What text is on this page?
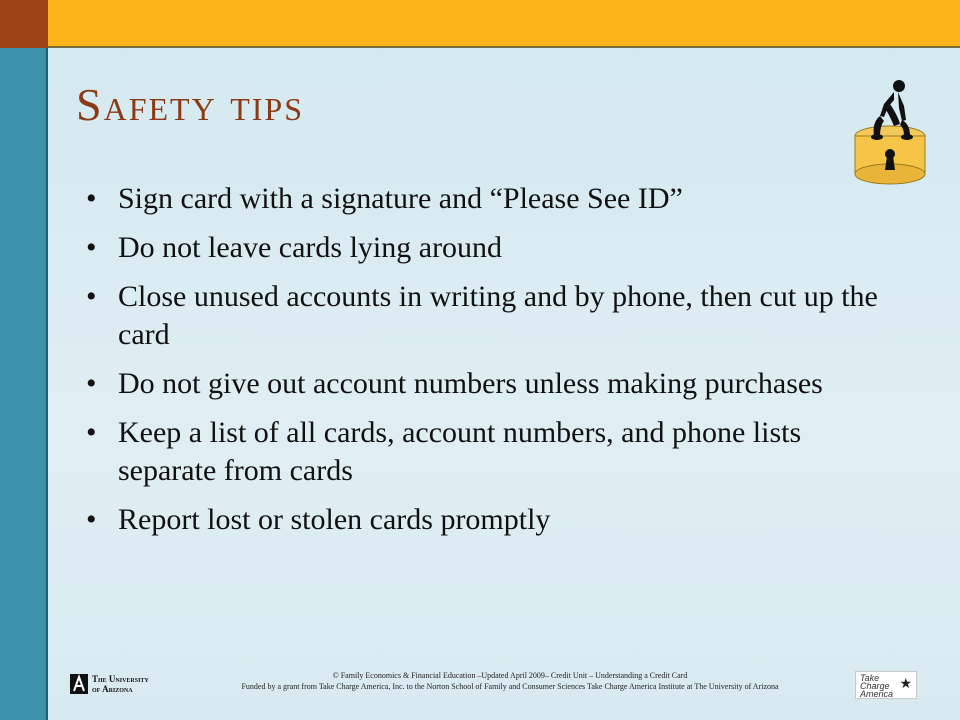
Safety tips
• Sign card with a signature and “Please See ID”
• Do not leave cards lying around
• Close unused accounts in writing and by phone, then cut up the card
• Do not give out account numbers unless making purchases
• Keep a list of all cards, account numbers, and phone lists separate from cards
• Report lost or stolen cards promptly
The University
of Arizona
© Family Economics & Financial Education –Updated April 2009– Credit Unit – Understanding a Credit Card
Funded by a grant from Take Charge America, Inc. to the Norton School of Family and Consumer Sciences Take Charge America Institute at The University of Arizona
Take
Charge
America
★
